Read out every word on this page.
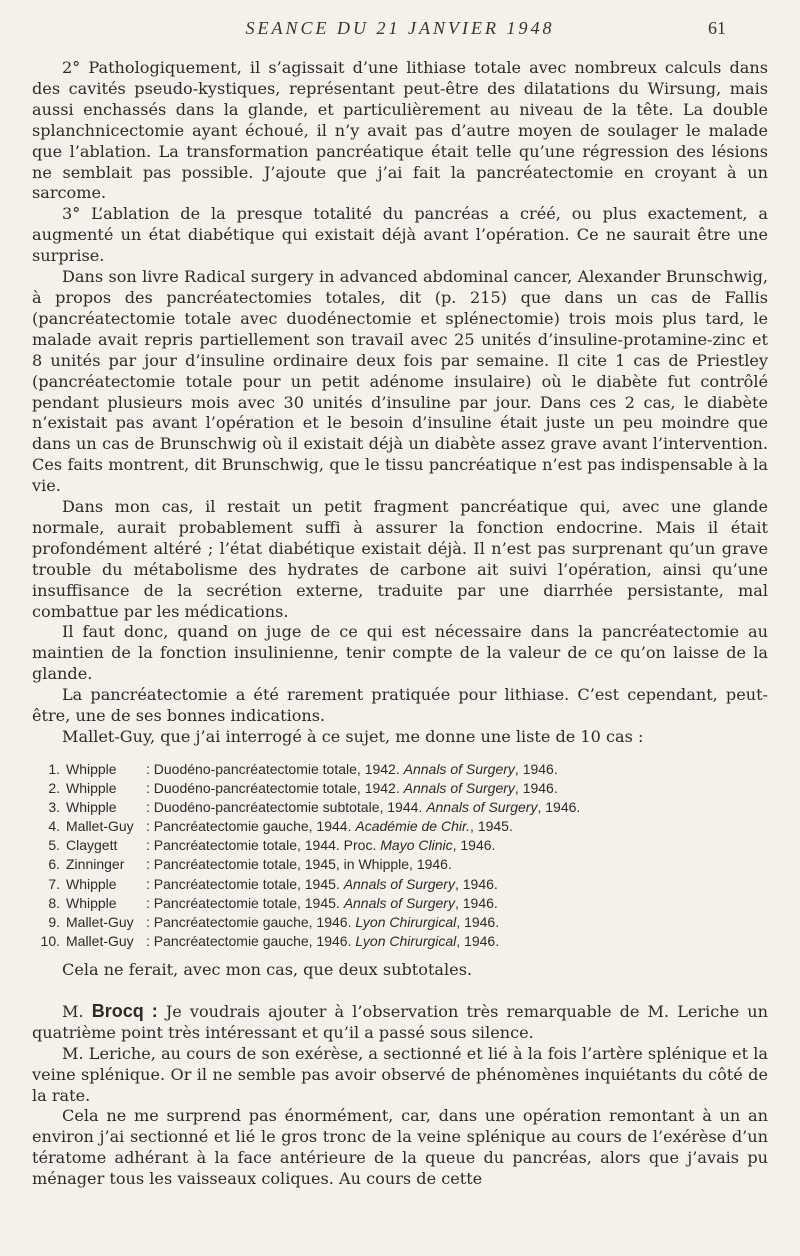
SEANCE DU 21 JANVIER 1948	61

2° Pathologiquement, il s’agissait d’une lithiase totale avec nombreux calculs dans des cavités pseudo-kystiques, représentant peut-être des dilatations du Wirsung, mais aussi enchassés dans la glande, et particulièrement au niveau de la tête. La double splanchnicectomie ayant échoué, il n’y avait pas d’autre moyen de soulager le malade que l’ablation. La transformation pancréatique était telle qu’une régression des lésions ne semblait pas possible. J’ajoute que j’ai fait la pancréatectomie en croyant à un sarcome.

3° L’ablation de la presque totalité du pancréas a créé, ou plus exactement, a augmenté un état diabétique qui existait déjà avant l’opération. Ce ne saurait être une surprise.

Dans son livre Radical surgery in advanced abdominal cancer, Alexander Brunschwig, à propos des pancréatectomies totales, dit (p. 215) que dans un cas de Fallis (pancréatectomie totale avec duodénectomie et splénectomie) trois mois plus tard, le malade avait repris partiellement son travail avec 25 unités d’insuline-protamine-zinc et 8 unités par jour d’insuline ordinaire deux fois par semaine. Il cite 1 cas de Priestley (pancréatectomie totale pour un petit adénome insulaire) où le diabète fut contrôlé pendant plusieurs mois avec 30 unités d’insuline par jour. Dans ces 2 cas, le diabète n’existait pas avant l’opération et le besoin d’insuline était juste un peu moindre que dans un cas de Brunschwig où il existait déjà un diabète assez grave avant l’intervention. Ces faits montrent, dit Brunschwig, que le tissu pancréatique n’est pas indispensable à la vie.

Dans mon cas, il restait un petit fragment pancréatique qui, avec une glande normale, aurait probablement suffi à assurer la fonction endocrine. Mais il était profondément altéré ; l’état diabétique existait déjà. Il n’est pas surprenant qu’un grave trouble du métabolisme des hydrates de carbone ait suivi l’opération, ainsi qu’une insuffisance de la secrétion externe, traduite par une diarrhée persistante, mal combattue par les médications.

Il faut donc, quand on juge de ce qui est nécessaire dans la pancréatectomie au maintien de la fonction insulinienne, tenir compte de la valeur de ce qu’on laisse de la glande.

La pancréatectomie a été rarement pratiquée pour lithiase. C’est cependant, peut-être, une de ses bonnes indications.

Mallet-Guy, que j’ai interrogé à ce sujet, me donne une liste de 10 cas :

1. Whipple : Duodéno-pancréatectomie totale, 1942. Annals of Surgery, 1946.
2. Whipple : Duodéno-pancréatectomie totale, 1942. Annals of Surgery, 1946.
3. Whipple : Duodéno-pancréatectomie subtotale, 1944. Annals of Surgery, 1946.
4. Mallet-Guy : Pancréatectomie gauche, 1944. Académie de Chir., 1945.
5. Claygett : Pancréatectomie totale, 1944. Proc. Mayo Clinic, 1946.
6. Zinninger : Pancréatectomie totale, 1945, in Whipple, 1946.
7. Whipple : Pancréatectomie totale, 1945. Annals of Surgery, 1946.
8. Whipple : Pancréatectomie totale, 1945. Annals of Surgery, 1946.
9. Mallet-Guy : Pancréatectomie gauche, 1946. Lyon Chirurgical, 1946.
10. Mallet-Guy : Pancréatectomie gauche, 1946. Lyon Chirurgical, 1946.

Cela ne ferait, avec mon cas, que deux subtotales.

M. Brocq : Je voudrais ajouter à l’observation très remarquable de M. Leriche un quatrième point très intéressant et qu’il a passé sous silence.

M. Leriche, au cours de son exérèse, a sectionné et lié à la fois l’artère splénique et la veine splénique. Or il ne semble pas avoir observé de phénomènes inquiétants du côté de la rate.

Cela ne me surprend pas énormément, car, dans une opération remontant à un an environ j’ai sectionné et lié le gros tronc de la veine splénique au cours de l’exérèse d’un tératome adhérant à la face antérieure de la queue du pancréas, alors que j’avais pu ménager tous les vaisseaux coliques. Au cours de cette
